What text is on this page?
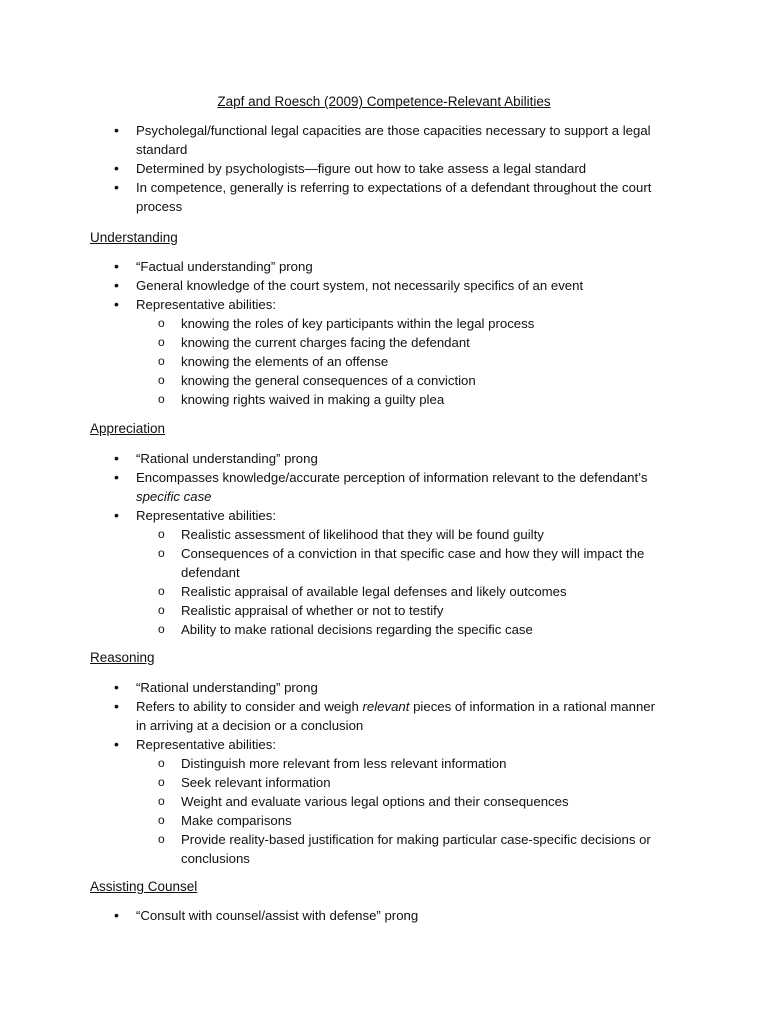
Zapf and Roesch (2009) Competence-Relevant Abilities
• Psycholegal/functional legal capacities are those capacities necessary to support a legal standard
• Determined by psychologists—figure out how to take assess a legal standard
• In competence, generally is referring to expectations of a defendant throughout the court process
Understanding
• “Factual understanding” prong
• General knowledge of the court system, not necessarily specifics of an event
• Representative abilities:
o knowing the roles of key participants within the legal process
o knowing the current charges facing the defendant
o knowing the elements of an offense
o knowing the general consequences of a conviction
o knowing rights waived in making a guilty plea
Appreciation
• “Rational understanding” prong
• Encompasses knowledge/accurate perception of information relevant to the defendant’s specific case
• Representative abilities:
o Realistic assessment of likelihood that they will be found guilty
o Consequences of a conviction in that specific case and how they will impact the defendant
o Realistic appraisal of available legal defenses and likely outcomes
o Realistic appraisal of whether or not to testify
o Ability to make rational decisions regarding the specific case
Reasoning
• “Rational understanding” prong
• Refers to ability to consider and weigh relevant pieces of information in a rational manner in arriving at a decision or a conclusion
• Representative abilities:
o Distinguish more relevant from less relevant information
o Seek relevant information
o Weight and evaluate various legal options and their consequences
o Make comparisons
o Provide reality-based justification for making particular case-specific decisions or conclusions
Assisting Counsel
• “Consult with counsel/assist with defense” prong
